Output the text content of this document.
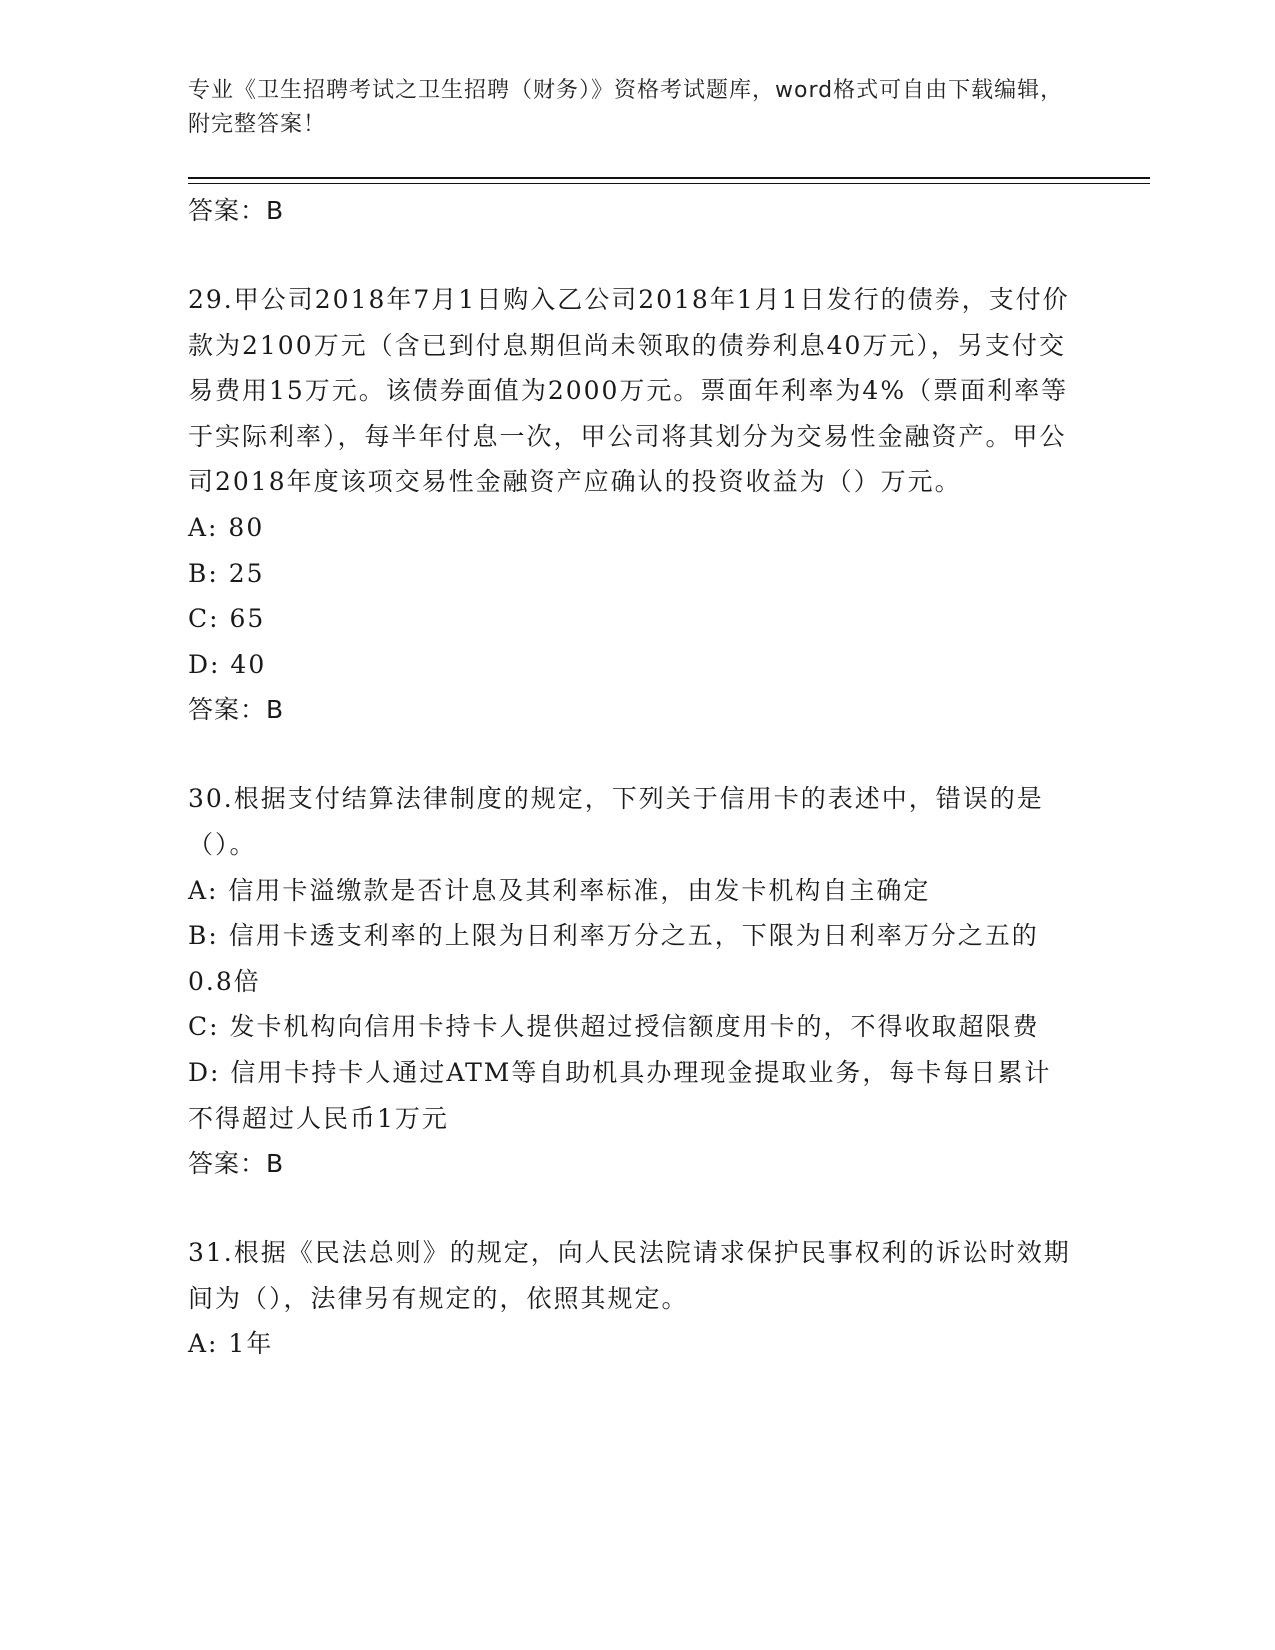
专业《卫生招聘考试之卫生招聘（财务）》资格考试题库，word格式可自由下载编辑，附完整答案！
答案：B

29.甲公司2018年7月1日购入乙公司2018年1月1日发行的债券，支付价款为2100万元（含已到付息期但尚未领取的债券利息40万元），另支付交易费用15万元。该债券面值为2000万元。票面年利率为4%（票面利率等于实际利率），每半年付息一次，甲公司将其划分为交易性金融资产。甲公司2018年度该项交易性金融资产应确认的投资收益为（）万元。

A: 80
B: 25
C: 65
D: 40
答案：B

30.根据支付结算法律制度的规定，下列关于信用卡的表述中，错误的是（）。

A: 信用卡溢缴款是否计息及其利率标准，由发卡机构自主确定
B: 信用卡透支利率的上限为日利率万分之五，下限为日利率万分之五的0.8倍
C: 发卡机构向信用卡持卡人提供超过授信额度用卡的，不得收取超限费
D: 信用卡持卡人通过ATM等自助机具办理现金提取业务，每卡每日累计不得超过人民币1万元
答案：B

31.根据《民法总则》的规定，向人民法院请求保护民事权利的诉讼时效期间为（），法律另有规定的，依照其规定。

A: 1年
